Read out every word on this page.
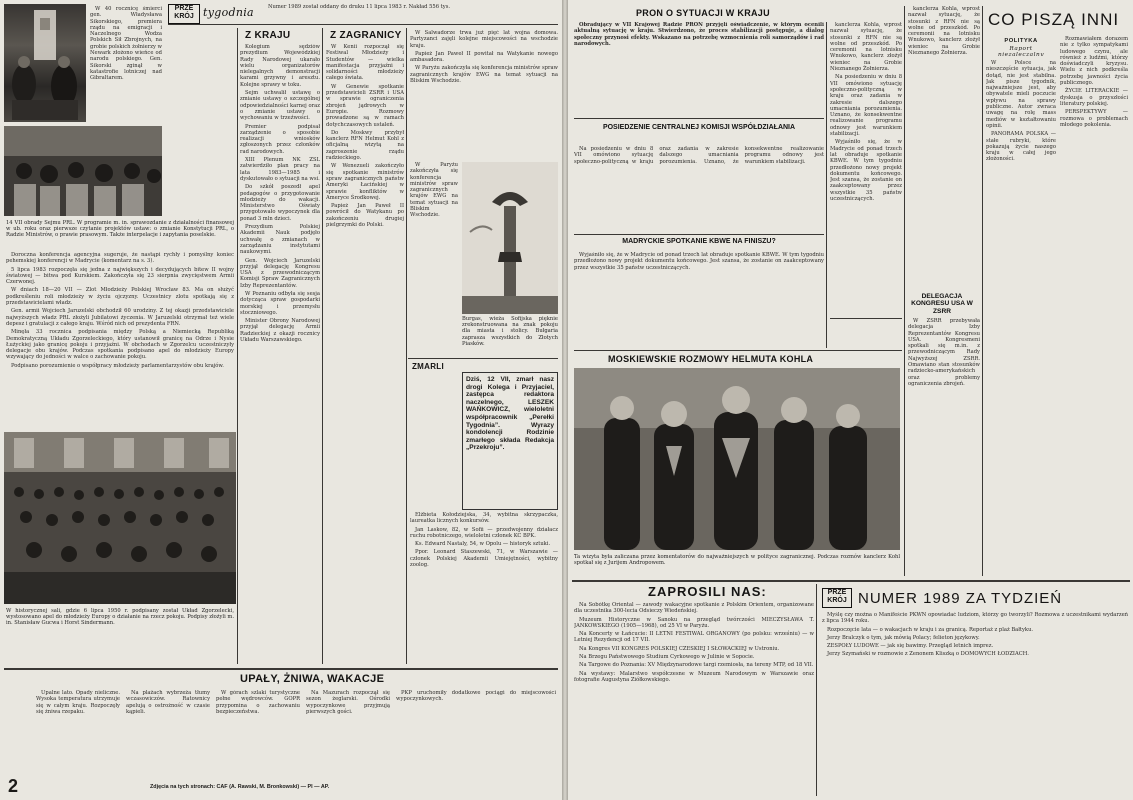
W 40 rocznicę śmierci gen. Władysława Sikorskiego, premiera rządu na emigracji i Naczelnego Wodza Polskich Sił Zbrojnych, na grobie polskich żołnierzy w Newark złożono wieńce od narodu polskiego. Gen. Sikorski zginął w katastrofie lotniczej nad Gibraltarem.

PRZE
KRÓJ tygodnia	Numer 1989 został oddany do druku 11 lipca 1983 r. Nakład 556 tys.
14 VII obrady Sejmu PRL. W programie m. in. sprawozdanie z działalności finansowej w ub. roku oraz pierwsze czytanie projektów ustaw: o zmianie Konstytucji PRL, o Radzie Ministrów, o prawie prasowym. Także interpelacje i zapytania poselskie.

Doroczna konferencja agencyjna sugeruje, że nastąpi rychły i pomyślny koniec pehemskiej konferencji w Madrycie (komentarz na s. 3).

5 lipca 1983 rozpoczęła się jedna z największych i decydujących bitew II wojny światowej — bitwa pod Kurskiem. Zakończyła się 23 sierpnia zwycięstwem Armii Czerwonej.

W dniach 18—20 VII — Zlot Młodzieży Polskiej Wrocław 83. Ma on służyć podkreśleniu roli młodzieży w życiu ojczyzny. Uczestnicy zlotu spotkają się z przedstawicielami władz.

Gen. armii Wojciech Jaruzelski obchodził 60 urodziny. Z tej okazji przedstawiciele najwyższych władz PRL złożyli Jubilatowi życzenia. W Jaruzelski otrzymał też wiele depesz i gratulacji z całego kraju. Wśród nich od prezydenta FRN.

Minęła 33 rocznica podpisania między Polską a Niemiecką Republiką Demokratyczną Układu Zgorzeleckiego, który ustanowił granicę na Odrze i Nysie Łużyckiej jako granicę pokoju i przyjaźni. W obchodach w Zgorzelcu uczestniczyły delegacje obu krajów. Podczas spotkania podpisano apel do młodzieży Europy wzywający do jedności w walce o zachowanie pokoju.

Podpisano porozumienie o współpracy młodzieży parlamentarzystów obu krajów.

W historycznej sali, gdzie 6 lipca 1950 r. podpisany został Układ Zgorzelecki, wystosowano apel do młodzieży Europy o działanie na rzecz pokoju. Podpisy złożyli m. in. Stanisław Gucwa i Horst Sindermann.
Z KRAJU

Kolegium sędziów prezydium Wojewódzkiej Rady Narodowej ukarało wielu organizatorów nielegalnych demonstracji karami grzywny i aresztu. Kolejne sprawy w toku.

Sejm uchwalił ustawę o zmianie ustawy o szczególnej odpowiedzialności karnej oraz o zmianie ustawy o wychowaniu w trzeźwości.

Premier podpisał zarządzenie o sposobie realizacji wniosków zgłoszonych przez członków rad narodowych.

XIII Plenum NK ZSL zatwierdziło plan pracy na lata 1983—1985 i dyskutowało o sytuacji na wsi.

Do szkół poszedł apel pedagogów o przygotowanie młodzieży do wakacji. Ministerstwo Oświaty przygotowało wypoczynek dla ponad 3 mln dzieci.

Prezydium Polskiej Akademii Nauk podjęło uchwałę o zmianach w zarządzaniu instytutami naukowymi.

Gen. Wojciech Jaruzelski przyjął delegację Kongresu USA z przewodniczącym Komisji Spraw Zagranicznych Izby Reprezentantów.

W Poznaniu odbyła się sesja dotycząca spraw gospodarki morskiej i przemysłu stoczniowego.

Minister Obrony Narodowej przyjął delegację Armii Radzieckiej z okazji rocznicy Układu Warszawskiego.

Z ZAGRANICY

W Kenii rozpoczął się Festiwal Młodzieży i Studentów — wielka manifestacja przyjaźni i solidarności młodzieży całego świata.

W Genewie spotkanie przedstawicieli ZSRR i USA w sprawie ograniczenia zbrojeń jądrowych w Europie. Rozmowy prowadzone są w ramach dotychczasowych ustaleń.

Do Moskwy przybył kanclerz RFN Helmut Kohl z oficjalną wizytą na zaproszenie rządu radzieckiego.

W Wenezueli zakończyło się spotkanie ministrów spraw zagranicznych państw Ameryki Łacińskiej w sprawie konfliktów w Ameryce Środkowej.

Papież Jan Paweł II powrócił do Watykanu po zakończeniu drugiej pielgrzymki do Polski.

W Salwadorze trwa już pięć lat wojna domowa. Partyzanci zajęli kolejne miejscowości na wschodzie kraju.

Papież Jan Paweł II powitał na Watykanie nowego ambasadora.

W Paryżu zakończyła się konferencja ministrów spraw zagranicznych krajów EWG na temat sytuacji na Bliskim Wschodzie.

Burgas, wieża Sofijska pięknie zrekonstruowana na znak pokoju dla miasta i stolicy. Bułgaria zaprasza wszystkich do Złotych Piasków.

W Paryżu zakończyła się konferencja ministrów spraw zagranicznych krajów EWG na temat sytuacji na Bliskim Wschodzie.

ZMARLI
Dziś, 12 VII, zmarł nasz drogi Kolega i Przyjaciel, zastępca redaktora naczelnego, LESZEK WAŃKOWICZ, wieloletni współpracownik „Perełki Tygodnia”. Wyrazy kondolencji Rodzinie zmarłego składa Redakcja „Przekroju”.

Elżbieta Kołodziejska, 34, wybitna skrzypaczka, laureatka licznych konkursów.

Jan Laskow, 82, w Sofii — przedwojenny działacz ruchu robotniczego, wieloletni członek KC BPK.

Ks. Edward Nastaly, 54, w Opolu — historyk sztuki.

Ppor. Leonard Staszewski, 71, w Warszawie — członek Polskiej Akademii Umiejętności, wybitny zoolog.

UPAŁY, ŻNIWA, WAKACJE

Upalne lato. Opady nieliczne. Wysoka temperatura utrzymuje się w całym kraju. Rozpoczęły się żniwa rzepaku.

Na plażach wybrzeża tłumy wczasowiczów. Ratownicy apelują o ostrożność w czasie kąpieli.

W górach szlaki turystyczne pełne wędrowców. GOPR przypomina o zachowaniu bezpieczeństwa.

Na Mazurach rozpoczął się sezon żeglarski. Ośrodki wypoczynkowe przyjmują pierwszych gości.

PKP uruchomiły dodatkowe pociągi do miejscowości wypoczynkowych.

2	Zdjęcia na tych stronach: CAF (A. Rawski, M. Bronkowski) — PI — AP.
PRON O SYTUACJI W KRAJU

Obradujący w VII Krajowej Radzie PRON przyjęli oświadczenie, w którym ocenili aktualną sytuację w kraju. Stwierdzono, że proces stabilizacji postępuje, a dialog społeczny przynosi efekty. Wskazano na potrzebę wzmocnienia roli samorządów i rad narodowych.

POSIEDZENIE CENTRALNEJ KOMISJI WSPÓŁDZIAŁANIA

Na posiedzeniu w dniu 8 VII omówiono sytuację społeczno-polityczną w kraju oraz zadania w zakresie dalszego umacniania porozumienia. Uznano, że konsekwentne realizowanie programu odnowy jest warunkiem stabilizacji.

MADRYCKIE SPOTKANIE KBWE NA FINISZU?

Wyjaśniło się, że w Madrycie od ponad trzech lat obraduje spotkanie KBWE. W tym tygodniu przedłożono nowy projekt dokumentu końcowego. Jest szansa, że zostanie on zaakceptowany przez wszystkie 35 państw uczestniczących.

MOSKIEWSKIE ROZMOWY HELMUTA KOHLA
Ta wizyta była zaliczana przez komentatorów do najważniejszych w polityce zagranicznej. Podczas rozmów kanclerz Kohl spotkał się z Jurijem Andropowem.

kanclerza Kohla, wprost nazwał sytuację, że stosunki z RFN nie są wolne od przeszkód. Po ceremonii na lotnisku Wnukowo, kanclerz złożył wieniec na Grobie Nieznanego Żołnierza.

Na posiedzeniu w dniu 8 VII omówiono sytuację społeczno-polityczną w kraju oraz zadania w zakresie dalszego umacniania porozumienia. Uznano, że konsekwentne realizowanie programu odnowy jest warunkiem stabilizacji.

Wyjaśniło się, że w Madrycie od ponad trzech lat obraduje spotkanie KBWE. W tym tygodniu przedłożono nowy projekt dokumentu końcowego. Jest szansa, że zostanie on zaakceptowany przez wszystkie 35 państw uczestniczących.

DELEGACJA KONGRESU USA W ZSRR

W ZSRR przebywała delegacja Izby Reprezentantów Kongresu USA. Kongresmeni spotkali się m.in. z przewodniczącym Rady Najwyższej ZSRR. Omawiano stan stosunków radziecko-amerykańskich oraz problemy ograniczenia zbrojeń.

kanclerza Kohla, wprost nazwał sytuację, że stosunki z RFN nie są wolne od przeszkód. Po ceremonii na lotnisku Wnukowo, kanclerz złożył wieniec na Grobie Nieznanego Żołnierza.

CO PISZĄ INNI
POLITYKA
Raport niezaleczalny

W Polsce na nieszczęście sytuacja, jak dotąd, nie jest stabilna. Jak pisze tygodnik, najważniejsze jest, aby obywatele mieli poczucie wpływu na sprawy publiczne. Autor zwraca uwagę na rolę mass mediów w kształtowaniu opinii.

PANORAMA POLSKA — stałe rubryki, które pokazują życie naszego kraju w całej jego złożoności.

Rozmawiałem dorazem nie z tylko sympatykami ludowego czynu, ale również z ludźmi, którzy doświadczyli kryzysu. Wielu z nich podkreśla potrzebę jawności życia publicznego.

ŻYCIE LITERACKIE — dyskusja o przyszłości literatury polskiej.

PERSPEKTYWY — rozmowa o problemach młodego pokolenia.

ZAPROSILI NAS:

Na Sobótkę Oriental — zawody wakacyjne spotkanie z Polskim Orientem, organizowane dla uczestnika 300-lecia Odsieczy Wiedeńskiej.

Muzeum Historyczne w Sanoku na przegląd twórczości MIECZYSŁAWA T. JANKOWSKIEGO (1905—1968), od 25 VI w Paryżu.

Na Koncerty w Łańcucie: II LETNI FESTIWAL ORGANOWY (po polsku: wrześniu) — w Letniej Rezydencji od 17 VII.

Na Kongres VII KONGRES POLSKIEJ CZESKIEJ I SŁOWACKIEJ w Ustroniu.

Na Brzegu Państwowego Studium Cyrkowego w Julinie w Sopocie.

Na Targowe do Poznania: XV Międzynarodowe targi rzemiosła, na tereny MTP, od 18 VII.

Na wystawy: Malarstwo współczesne w Muzeum Narodowym w Warszawie oraz fotografie Augustyna Ziółkowskiego.

PRZE
KRÓJ NUMER 1989 ZA TYDZIEŃ

Myślę czy można o Manifeście PKWN opowiadać ludziom, którzy go tworzyli? Rozmowa z uczestnikami wydarzeń z lipca 1944 roku.

Rozpoczęcie lata — o wakacjach w kraju i za granicą. Reportaż z plaż Bałtyku.

Jerzy Bralczyk o tym, jak mówią Polacy; felieton językowy.

ZESPOŁY LUDOWE — jak się bawimy. Przegląd letnich imprez.

Jerzy Szymański w rozmowie z Zenonem Kliszką o DOMOWYCH ŁODZIACH.
